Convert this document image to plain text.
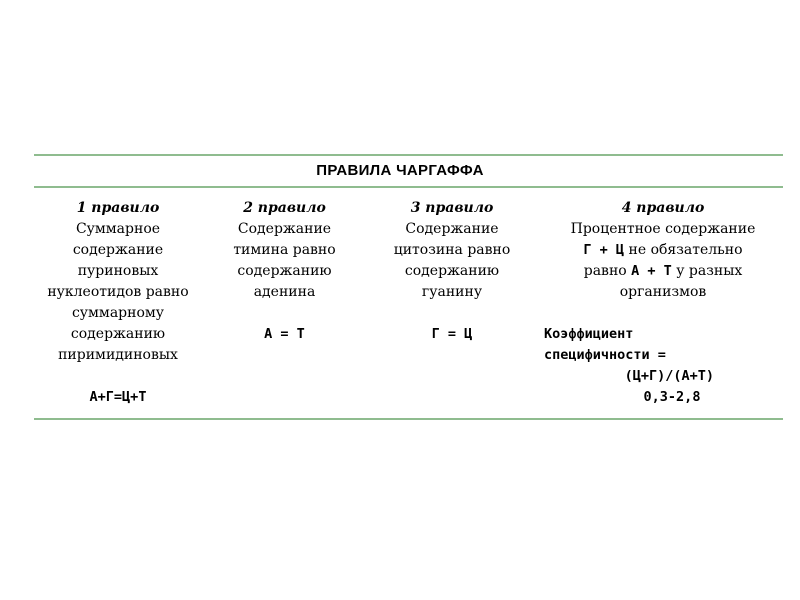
ПРАВИЛА ЧАРГАФФА
1 правило
Суммарное
содержание
пуриновых
нуклеотидов равно
суммарному
содержанию
пиримидиновых
А+Г=Ц+Т
2 правило
Содержание
тимина равно
содержанию
аденина
А = Т
3 правило
Содержание
цитозина равно
содержанию
гуанину
Г = Ц
4 правило
Процентное содержание
Г + Ц не обязательно
равно А + Т у разных
организмов
Коэффициент
специфичности =
(Ц+Г)/(А+Т)
0,3-2,8
